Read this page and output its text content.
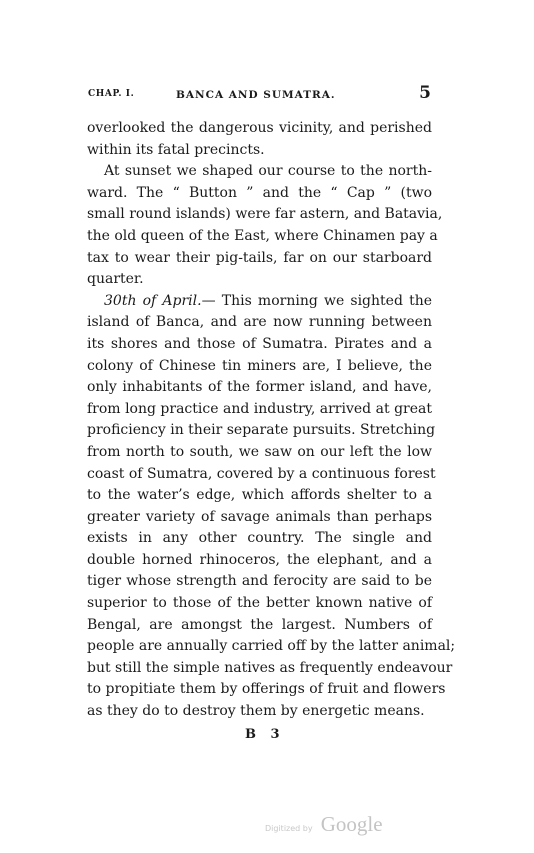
CHAP. I.	BANCA AND SUMATRA.	5
overlooked the dangerous vicinity, and perished
within its fatal precincts.
At sunset we shaped our course to the north-
ward. The “ Button ” and the “ Cap ” (two
small round islands) were far astern, and Batavia,
the old queen of the East, where Chinamen pay a
tax to wear their pig-tails, far on our starboard
quarter.
30th of April.— This morning we sighted the
island of Banca, and are now running between
its shores and those of Sumatra. Pirates and a
colony of Chinese tin miners are, I believe, the
only inhabitants of the former island, and have,
from long practice and industry, arrived at great
proficiency in their separate pursuits. Stretching
from north to south, we saw on our left the low
coast of Sumatra, covered by a continuous forest
to the water’s edge, which affords shelter to a
greater variety of savage animals than perhaps
exists in any other country. The single and
double horned rhinoceros, the elephant, and a
tiger whose strength and ferocity are said to be
superior to those of the better known native of
Bengal, are amongst the largest. Numbers of
people are annually carried off by the latter animal;
but still the simple natives as frequently endeavour
to propitiate them by offerings of fruit and flowers
as they do to destroy them by energetic means.
B 3
Digitized by Google
